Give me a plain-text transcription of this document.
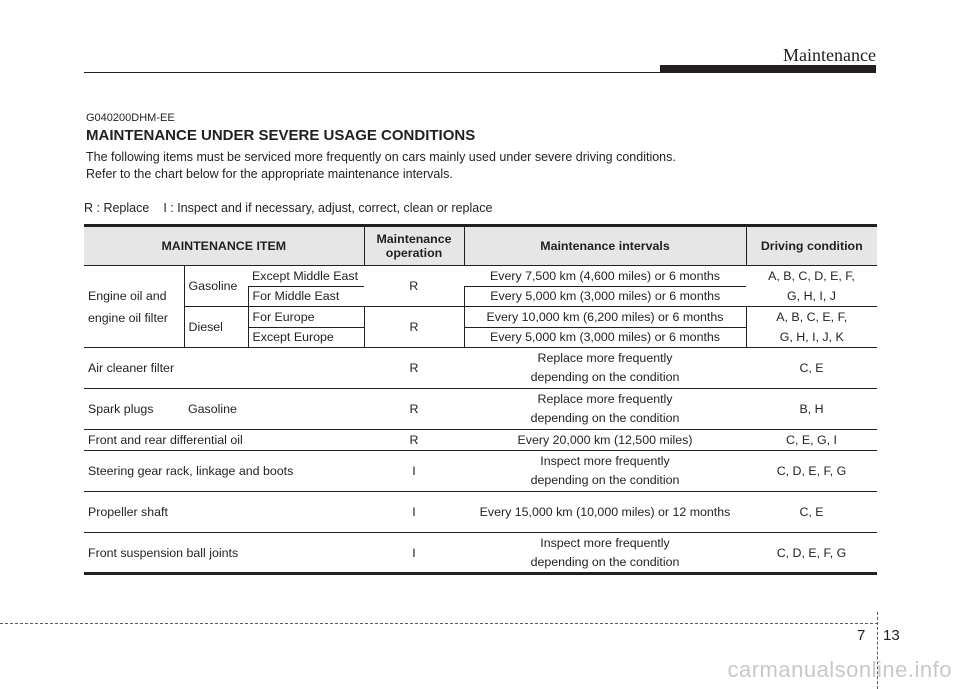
Maintenance
G040200DHM-EE
MAINTENANCE UNDER SEVERE USAGE CONDITIONS
The following items must be serviced more frequently on cars mainly used under severe driving conditions.
Refer to the chart below for the appropriate maintenance intervals.
R : Replace I : Inspect and if necessary, adjust, correct, clean or replace
MAINTENANCE ITEM			Maintenance
operation	Maintenance intervals	Driving condition
Engine oil and
engine oil filter	Gasoline	Except Middle East	R	Every 7,500 km (4,600 miles) or 6 months	A, B, C, D, E, F,
G, H, I, J
		For Middle East		Every 5,000 km (3,000 miles) or 6 months	
	Diesel	For Europe	R	Every 10,000 km (6,200 miles) or 6 months	A, B, C, E, F,
G, H, I, J, K
		Except Europe		Every 5,000 km (3,000 miles) or 6 months	
Air cleaner filter			R	Replace more frequently
depending on the condition	C, E
Spark plugs	Gasoline		R	Replace more frequently
depending on the condition	B, H
Front and rear differential oil			R	Every 20,000 km (12,500 miles)	C, E, G, I
Steering gear rack, linkage and boots			I	Inspect more frequently
depending on the condition	C, D, E, F, G
Propeller shaft			I	Every 15,000 km (10,000 miles) or 12 months	C, E
Front suspension ball joints			I	Inspect more frequently
depending on the condition	C, D, E, F, G
7 13
carmanualsonline.info
